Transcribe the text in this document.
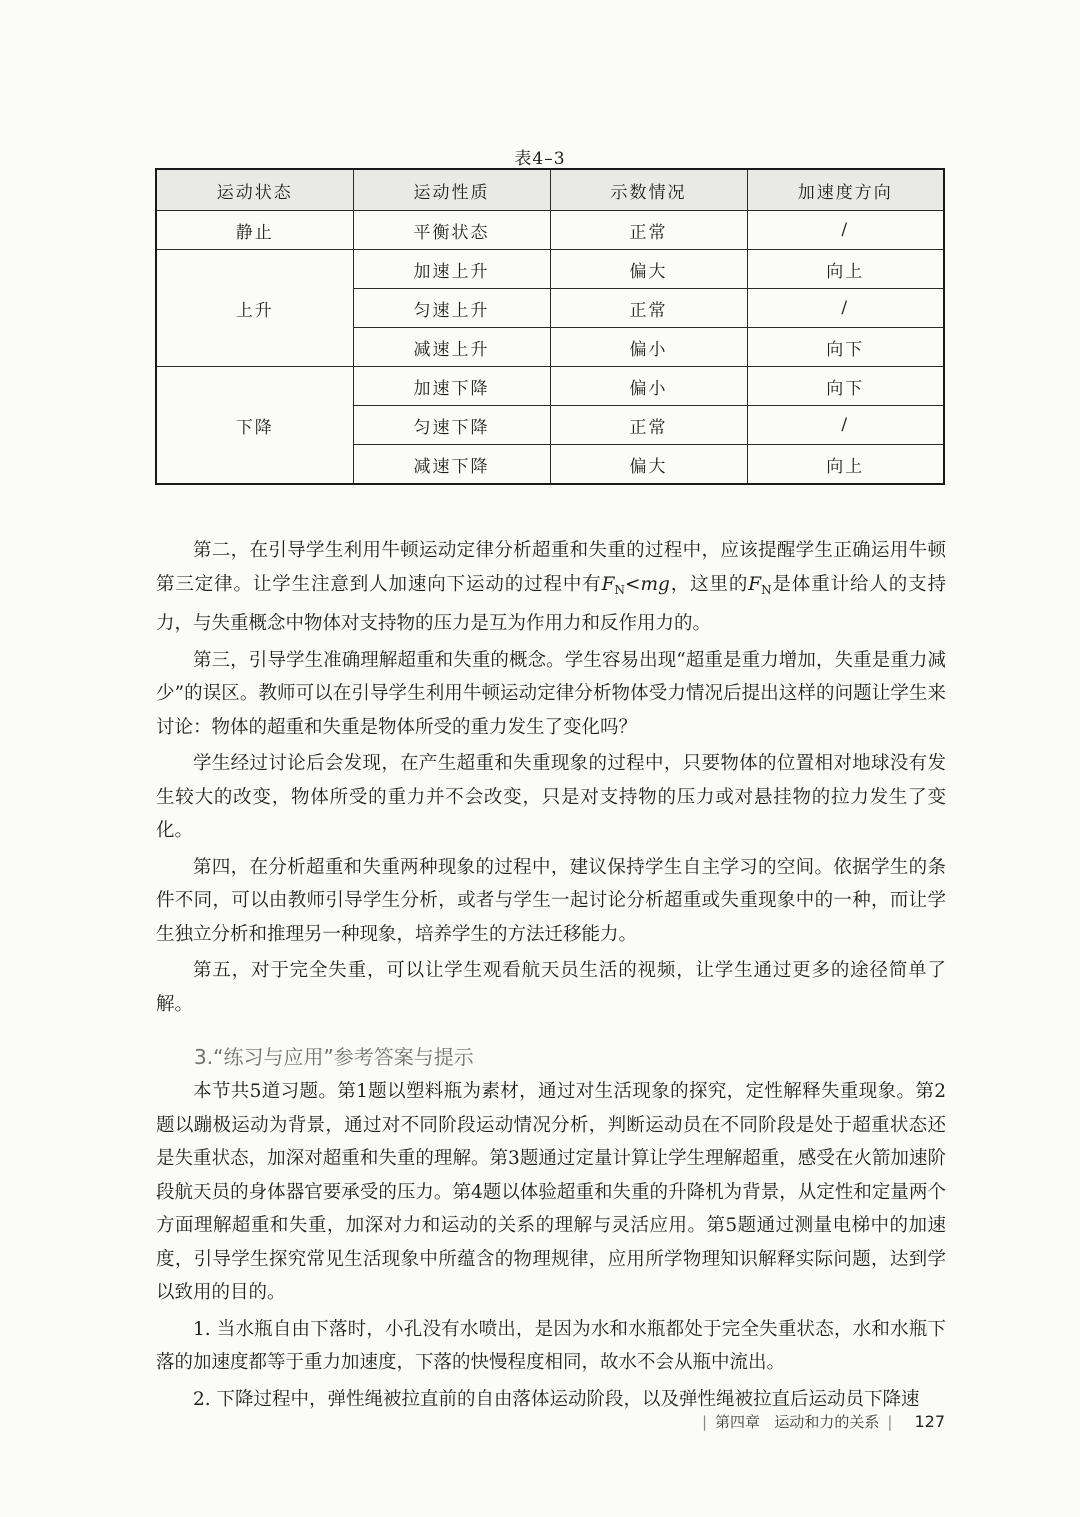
表4–3
运动状态	运动性质	示数情况	加速度方向
静止	平衡状态	正常	/
上升	加速上升	偏大	向上
	匀速上升	正常	/
	减速上升	偏小	向下
下降	加速下降	偏小	向下
	匀速下降	正常	/
	减速下降	偏大	向上

第二，在引导学生利用牛顿运动定律分析超重和失重的过程中，应该提醒学生正确运用牛顿第三定律。让学生注意到人加速向下运动的过程中有$F_N<mg$，这里的$F_N$是体重计给人的支持力，与失重概念中物体对支持物的压力是互为作用力和反作用力的。

第三，引导学生准确理解超重和失重的概念。学生容易出现“超重是重力增加，失重是重力减少”的误区。教师可以在引导学生利用牛顿运动定律分析物体受力情况后提出这样的问题让学生来讨论：物体的超重和失重是物体所受的重力发生了变化吗？

学生经过讨论后会发现，在产生超重和失重现象的过程中，只要物体的位置相对地球没有发生较大的改变，物体所受的重力并不会改变，只是对支持物的压力或对悬挂物的拉力发生了变化。

第四，在分析超重和失重两种现象的过程中，建议保持学生自主学习的空间。依据学生的条件不同，可以由教师引导学生分析，或者与学生一起讨论分析超重或失重现象中的一种，而让学生独立分析和推理另一种现象，培养学生的方法迁移能力。

第五，对于完全失重，可以让学生观看航天员生活的视频，让学生通过更多的途径简单了解。

3.“练习与应用”参考答案与提示

本节共5道习题。第1题以塑料瓶为素材，通过对生活现象的探究，定性解释失重现象。第2题以蹦极运动为背景，通过对不同阶段运动情况分析，判断运动员在不同阶段是处于超重状态还是失重状态，加深对超重和失重的理解。第3题通过定量计算让学生理解超重，感受在火箭加速阶段航天员的身体器官要承受的压力。第4题以体验超重和失重的升降机为背景，从定性和定量两个方面理解超重和失重，加深对力和运动的关系的理解与灵活应用。第5题通过测量电梯中的加速度，引导学生探究常见生活现象中所蕴含的物理规律，应用所学物理知识解释实际问题，达到学以致用的目的。

1. 当水瓶自由下落时，小孔没有水喷出，是因为水和水瓶都处于完全失重状态，水和水瓶下落的加速度都等于重力加速度，下落的快慢程度相同，故水不会从瓶中流出。

2. 下降过程中，弹性绳被拉直前的自由落体运动阶段，以及弹性绳被拉直后运动员下降速

| 第四章 运动和力的关系 | 127
